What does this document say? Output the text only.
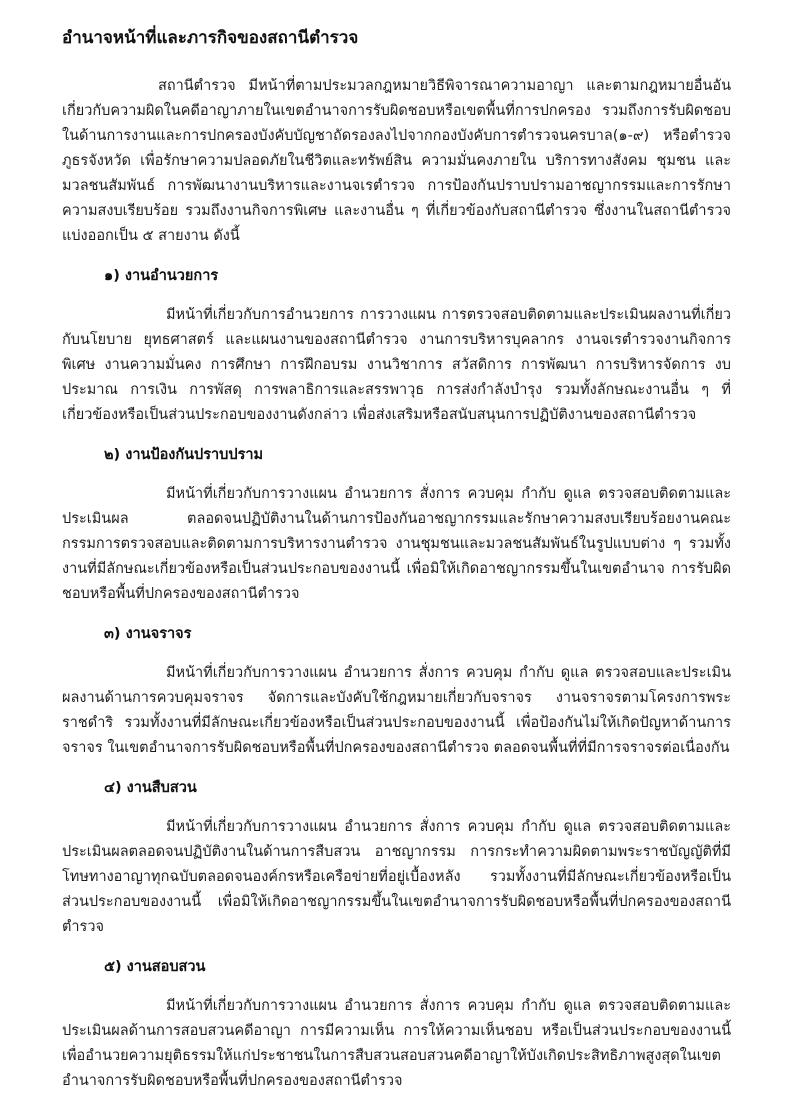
อำนาจหน้าที่และภารกิจของสถานีตำรวจ

สถานีตำรวจ มีหน้าที่ตามประมวลกฎหมายวิธีพิจารณาความอาญา และตามกฎหมายอื่นอันเกี่ยวกับความผิดในคดีอาญาภายในเขตอำนาจการรับผิดชอบหรือเขตพื้นที่การปกครอง รวมถึงการรับผิดชอบในด้านการงานและการปกครองบังคับบัญชาถัดรองลงไปจากกองบังคับการตำรวจนครบาล(๑-๙) หรือตำรวจภูธรจังหวัด เพื่อรักษาความปลอดภัยในชีวิตและทรัพย์สิน ความมั่นคงภายใน บริการทางสังคม ชุมชน และมวลชนสัมพันธ์ การพัฒนางานบริหารและงานจเรตำรวจ การป้องกันปราบปรามอาชญากรรมและการรักษาความสงบเรียบร้อย รวมถึงงานกิจการพิเศษ และงานอื่น ๆ ที่เกี่ยวข้องกับสถานีตำรวจ ซึ่งงานในสถานีตำรวจ แบ่งออกเป็น ๕ สายงาน ดังนี้

๑) งานอำนวยการ

มีหน้าที่เกี่ยวกับการอำนวยการ การวางแผน การตรวจสอบติดตามและประเมินผลงานที่เกี่ยวกับนโยบาย ยุทธศาสตร์ และแผนงานของสถานีตำรวจ งานการบริหารบุคลากร งานจเรตำรวจงานกิจการพิเศษ งานความมั่นคง การศึกษา การฝึกอบรม งานวิชาการ สวัสดิการ การพัฒนา การบริหารจัดการ งบประมาณ การเงิน การพัสดุ การพลาธิการและสรรพาวุธ การส่งกำลังบำรุง รวมทั้งลักษณะงานอื่น ๆ ที่เกี่ยวข้องหรือเป็นส่วนประกอบของงานดังกล่าว เพื่อส่งเสริมหรือสนับสนุนการปฏิบัติงานของสถานีตำรวจ

๒) งานป้องกันปราบปราม

มีหน้าที่เกี่ยวกับการวางแผน อำนวยการ สั่งการ ควบคุม กำกับ ดูแล ตรวจสอบติดตามและประเมินผล ตลอดจนปฏิบัติงานในด้านการป้องกันอาชญากรรมและรักษาความสงบเรียบร้อยงานคณะกรรมการตรวจสอบและติดตามการบริหารงานตำรวจ งานชุมชนและมวลชนสัมพันธ์ในรูปแบบต่าง ๆ รวมทั้งงานที่มีลักษณะเกี่ยวข้องหรือเป็นส่วนประกอบของงานนี้ เพื่อมิให้เกิดอาชญากรรมขึ้นในเขตอำนาจ การรับผิดชอบหรือพื้นที่ปกครองของสถานีตำรวจ

๓) งานจราจร

มีหน้าที่เกี่ยวกับการวางแผน อำนวยการ สั่งการ ควบคุม กำกับ ดูแล ตรวจสอบและประเมินผลงานด้านการควบคุมจราจร จัดการและบังคับใช้กฎหมายเกี่ยวกับจราจร งานจราจรตามโครงการพระราชดำริ รวมทั้งงานที่มีลักษณะเกี่ยวข้องหรือเป็นส่วนประกอบของงานนี้ เพื่อป้องกันไม่ให้เกิดปัญหาด้านการจราจร ในเขตอำนาจการรับผิดชอบหรือพื้นที่ปกครองของสถานีตำรวจ ตลอดจนพื้นที่ที่มีการจราจรต่อเนื่องกัน

๔) งานสืบสวน

มีหน้าที่เกี่ยวกับการวางแผน อำนวยการ สั่งการ ควบคุม กำกับ ดูแล ตรวจสอบติดตามและประเมินผลตลอดจนปฏิบัติงานในด้านการสืบสวน อาชญากรรม การกระทำความผิดตามพระราชบัญญัติที่มีโทษทางอาญาทุกฉบับตลอดจนองค์กรหรือเครือข่ายที่อยู่เบื้องหลัง รวมทั้งงานที่มีลักษณะเกี่ยวข้องหรือเป็นส่วนประกอบของงานนี้ เพื่อมิให้เกิดอาชญากรรมขึ้นในเขตอำนาจการรับผิดชอบหรือพื้นที่ปกครองของสถานีตำรวจ

๕) งานสอบสวน

มีหน้าที่เกี่ยวกับการวางแผน อำนวยการ สั่งการ ควบคุม กำกับ ดูแล ตรวจสอบติดตามและประเมินผลด้านการสอบสวนคดีอาญา การมีความเห็น การให้ความเห็นชอบ หรือเป็นส่วนประกอบของงานนี้ เพื่ออำนวยความยุติธรรมให้แก่ประชาชนในการสืบสวนสอบสวนคดีอาญาให้บังเกิดประสิทธิภาพสูงสุดในเขตอำนาจการรับผิดชอบหรือพื้นที่ปกครองของสถานีตำรวจ
